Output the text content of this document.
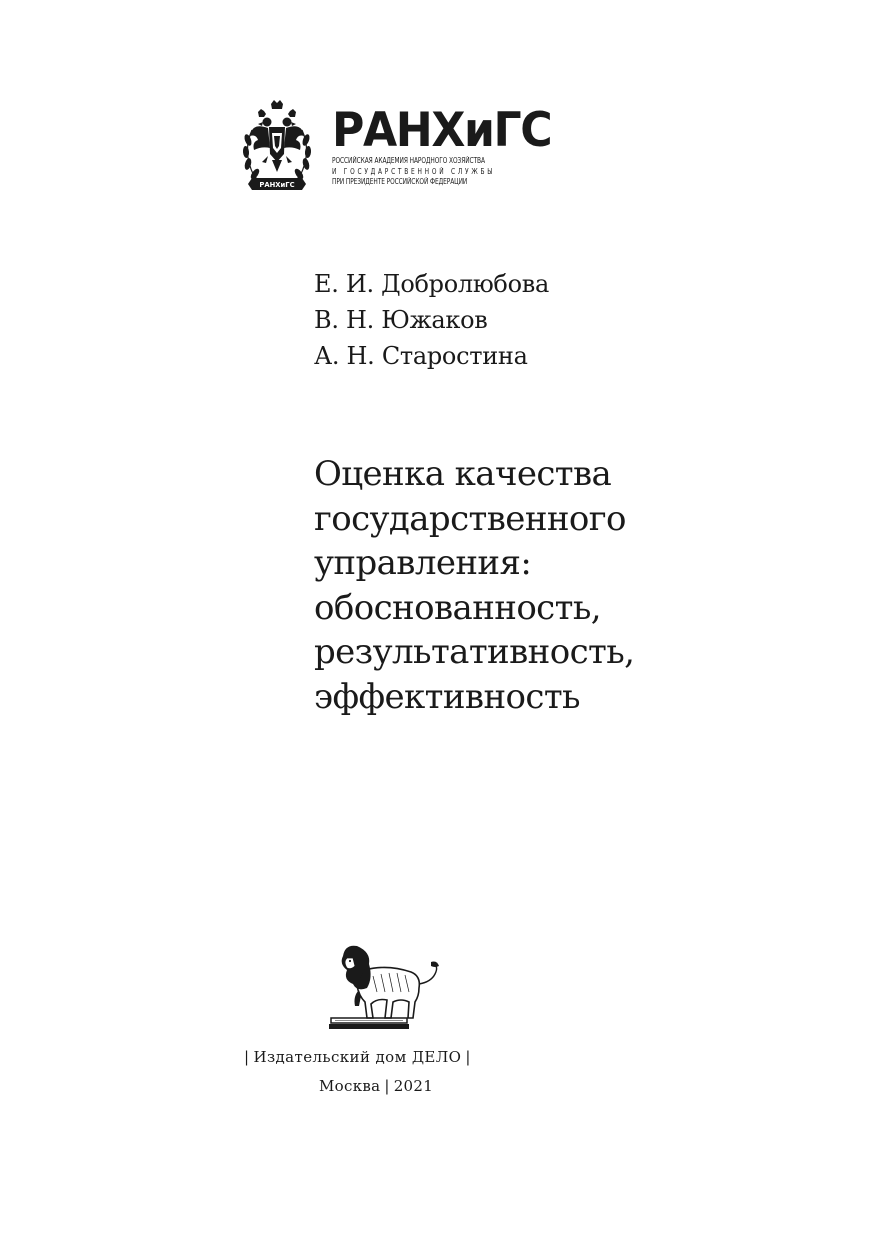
РАНХиГС
РАНХиГС
РОССИЙСКАЯ АКАДЕМИЯ НАРОДНОГО ХОЗЯЙСТВА
И ГОСУДАРСТВЕННОЙ СЛУЖБЫ
ПРИ ПРЕЗИДЕНТЕ РОССИЙСКОЙ ФЕДЕРАЦИИ
Е. И. Добролюбова
В. Н. Южаков
А. Н. Старостина
Оценка качества
государственного
управления:
обоснованность,
результативность,
эффективность
| Издательский дом ДЕЛО |
Москва | 2021
